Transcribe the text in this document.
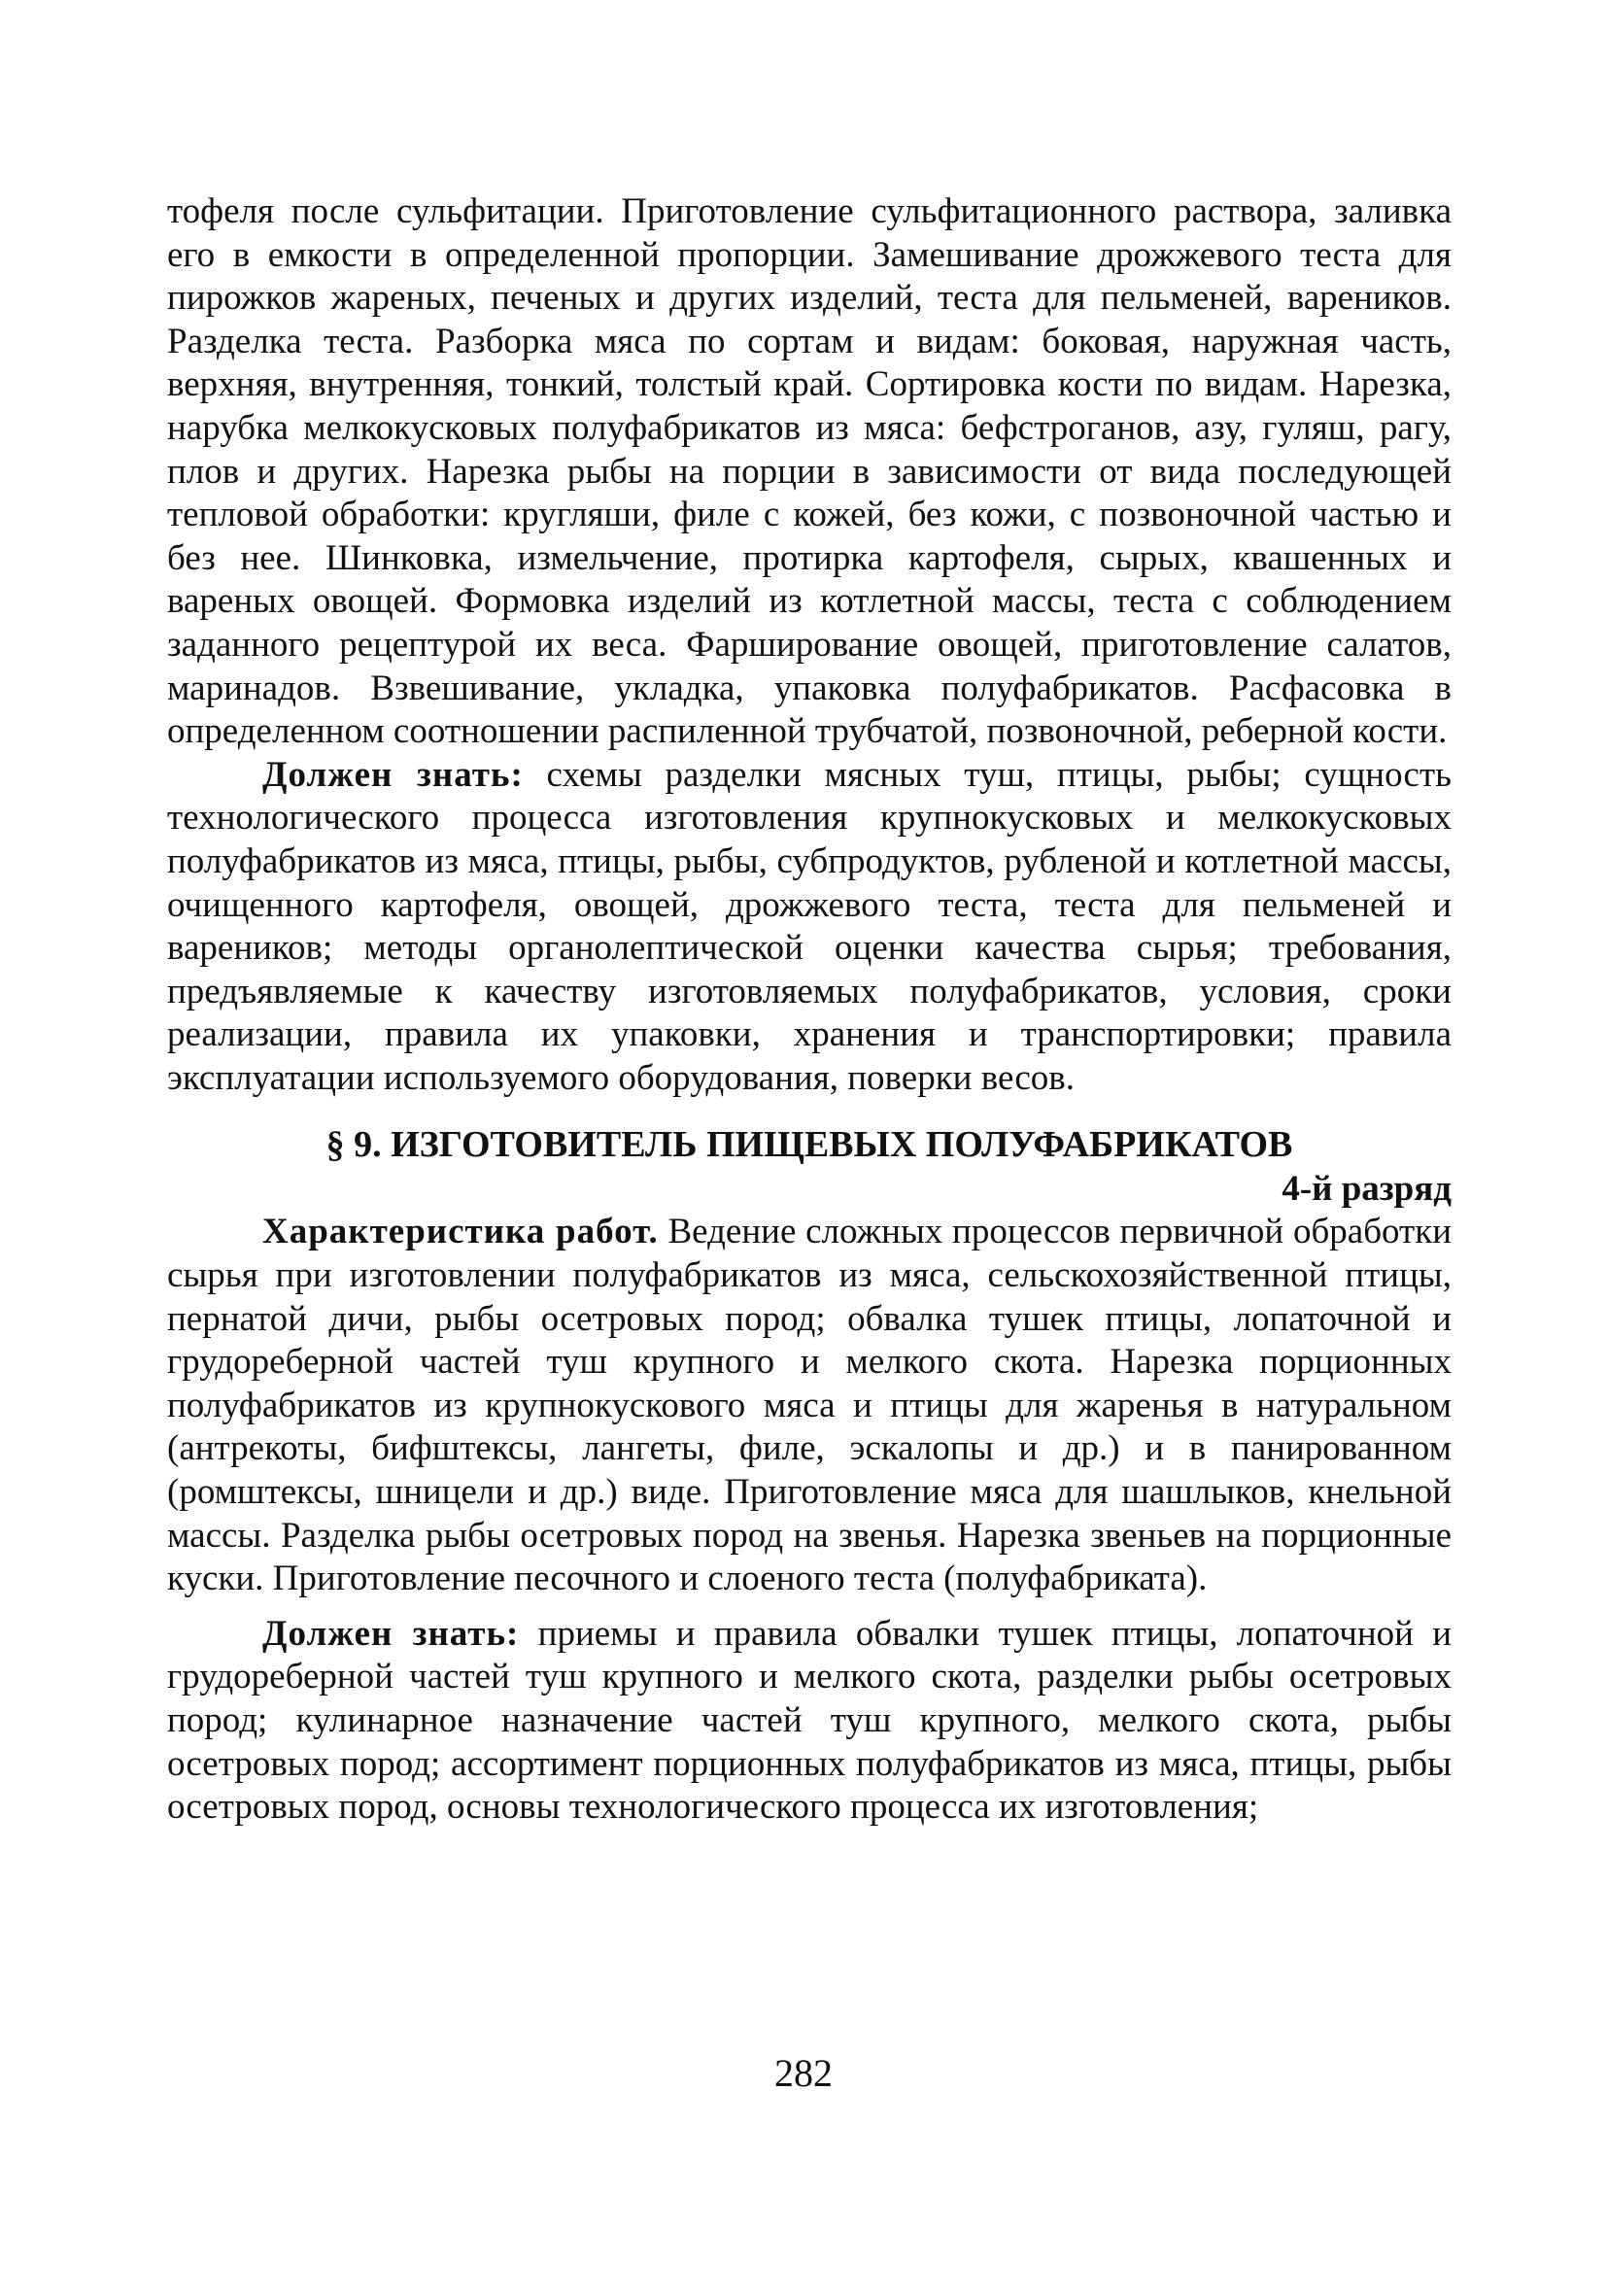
тофеля после сульфитации. Приготовление сульфитационного раствора, заливка его в емкости в определенной пропорции. Замешивание дрожжевого теста для пирожков жареных, печеных и других изделий, теста для пельменей, вареников. Разделка теста. Разборка мяса по сортам и видам: боковая, наружная часть, верхняя, внутренняя, тонкий, толстый край. Сортировка кости по видам. Нарезка, нарубка мелкокусковых полуфабрикатов из мяса: бефстроганов, азу, гуляш, рагу, плов и других. Нарезка рыбы на порции в зависимости от вида последующей тепловой обработки: кругляши, филе с кожей, без кожи, с позвоночной частью и без нее. Шинковка, измельчение, протирка картофеля, сырых, квашенных и вареных овощей. Формовка изделий из котлетной массы, теста с соблюдением заданного рецептурой их веса. Фарширование овощей, приготовление салатов, маринадов. Взвешивание, укладка, упаковка полуфабрикатов. Расфасовка в определенном соотношении распиленной трубчатой, позвоночной, реберной кости.

Должен знать: схемы разделки мясных туш, птицы, рыбы; сущность технологического процесса изготовления крупнокусковых и мелкокусковых полуфабрикатов из мяса, птицы, рыбы, субпродуктов, рубленой и котлетной массы, очищенного картофеля, овощей, дрожжевого теста, теста для пельменей и вареников; методы органолептической оценки качества сырья; требования, предъявляемые к качеству изготовляемых полуфабрикатов, условия, сроки реализации, правила их упаковки, хранения и транспортировки; правила эксплуатации используемого оборудования, поверки весов.

§ 9. ИЗГОТОВИТЕЛЬ ПИЩЕВЫХ ПОЛУФАБРИКАТОВ

4-й разряд

Характеристика работ. Ведение сложных процессов первичной обработки сырья при изготовлении полуфабрикатов из мяса, сельскохозяйственной птицы, пернатой дичи, рыбы осетровых пород; обвалка тушек птицы, лопаточной и грудореберной частей туш крупного и мелкого скота. Нарезка порционных полуфабрикатов из крупнокускового мяса и птицы для жаренья в натуральном (антрекоты, бифштексы, лангеты, филе, эскалопы и др.) и в панированном (ромштексы, шницели и др.) виде. Приготовление мяса для шашлыков, кнельной массы. Разделка рыбы осетровых пород на звенья. Нарезка звеньев на порционные куски. Приготовление песочного и слоеного теста (полуфабриката).

Должен знать: приемы и правила обвалки тушек птицы, лопаточной и грудореберной частей туш крупного и мелкого скота, разделки рыбы осетровых пород; кулинарное назначение частей туш крупного, мелкого скота, рыбы осетровых пород; ассортимент порционных полуфабрикатов из мяса, птицы, рыбы осетровых пород, основы технологического процесса их изготовления;

282
